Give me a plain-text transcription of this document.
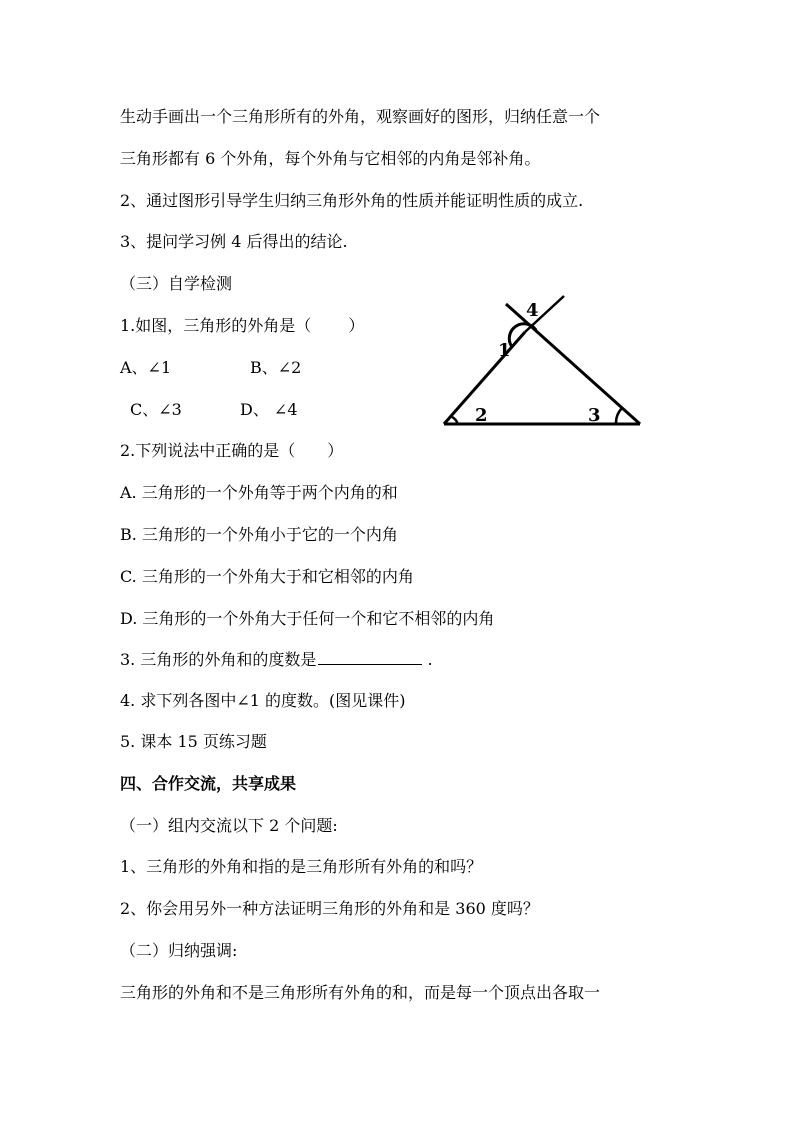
生动手画出一个三角形所有的外角，观察画好的图形，归纳任意一个
三角形都有 6 个外角，每个外角与它相邻的内角是邻补角。
2、通过图形引导学生归纳三角形外角的性质并能证明性质的成立.
3、提问学习例 4 后得出的结论.
（三）自学检测
1.如图，三角形的外角是（　　 ）
A、∠1	B、∠2
C、∠3	D、 ∠4
1
2	3
4
2.下列说法中正确的是（　　）
A. 三角形的一个外角等于两个内角的和
B. 三角形的一个外角小于它的一个内角
C. 三角形的一个外角大于和它相邻的内角
D. 三角形的一个外角大于任何一个和它不相邻的内角
3. 三角形的外角和的度数是	.
4. 求下列各图中∠1 的度数。(图见课件)
5. 课本 15 页练习题
四、合作交流，共享成果
（一）组内交流以下 2 个问题:
1、三角形的外角和指的是三角形所有外角的和吗？
2、你会用另外一种方法证明三角形的外角和是 360 度吗？
（二）归纳强调:
三角形的外角和不是三角形所有外角的和，而是每一个顶点出各取一
